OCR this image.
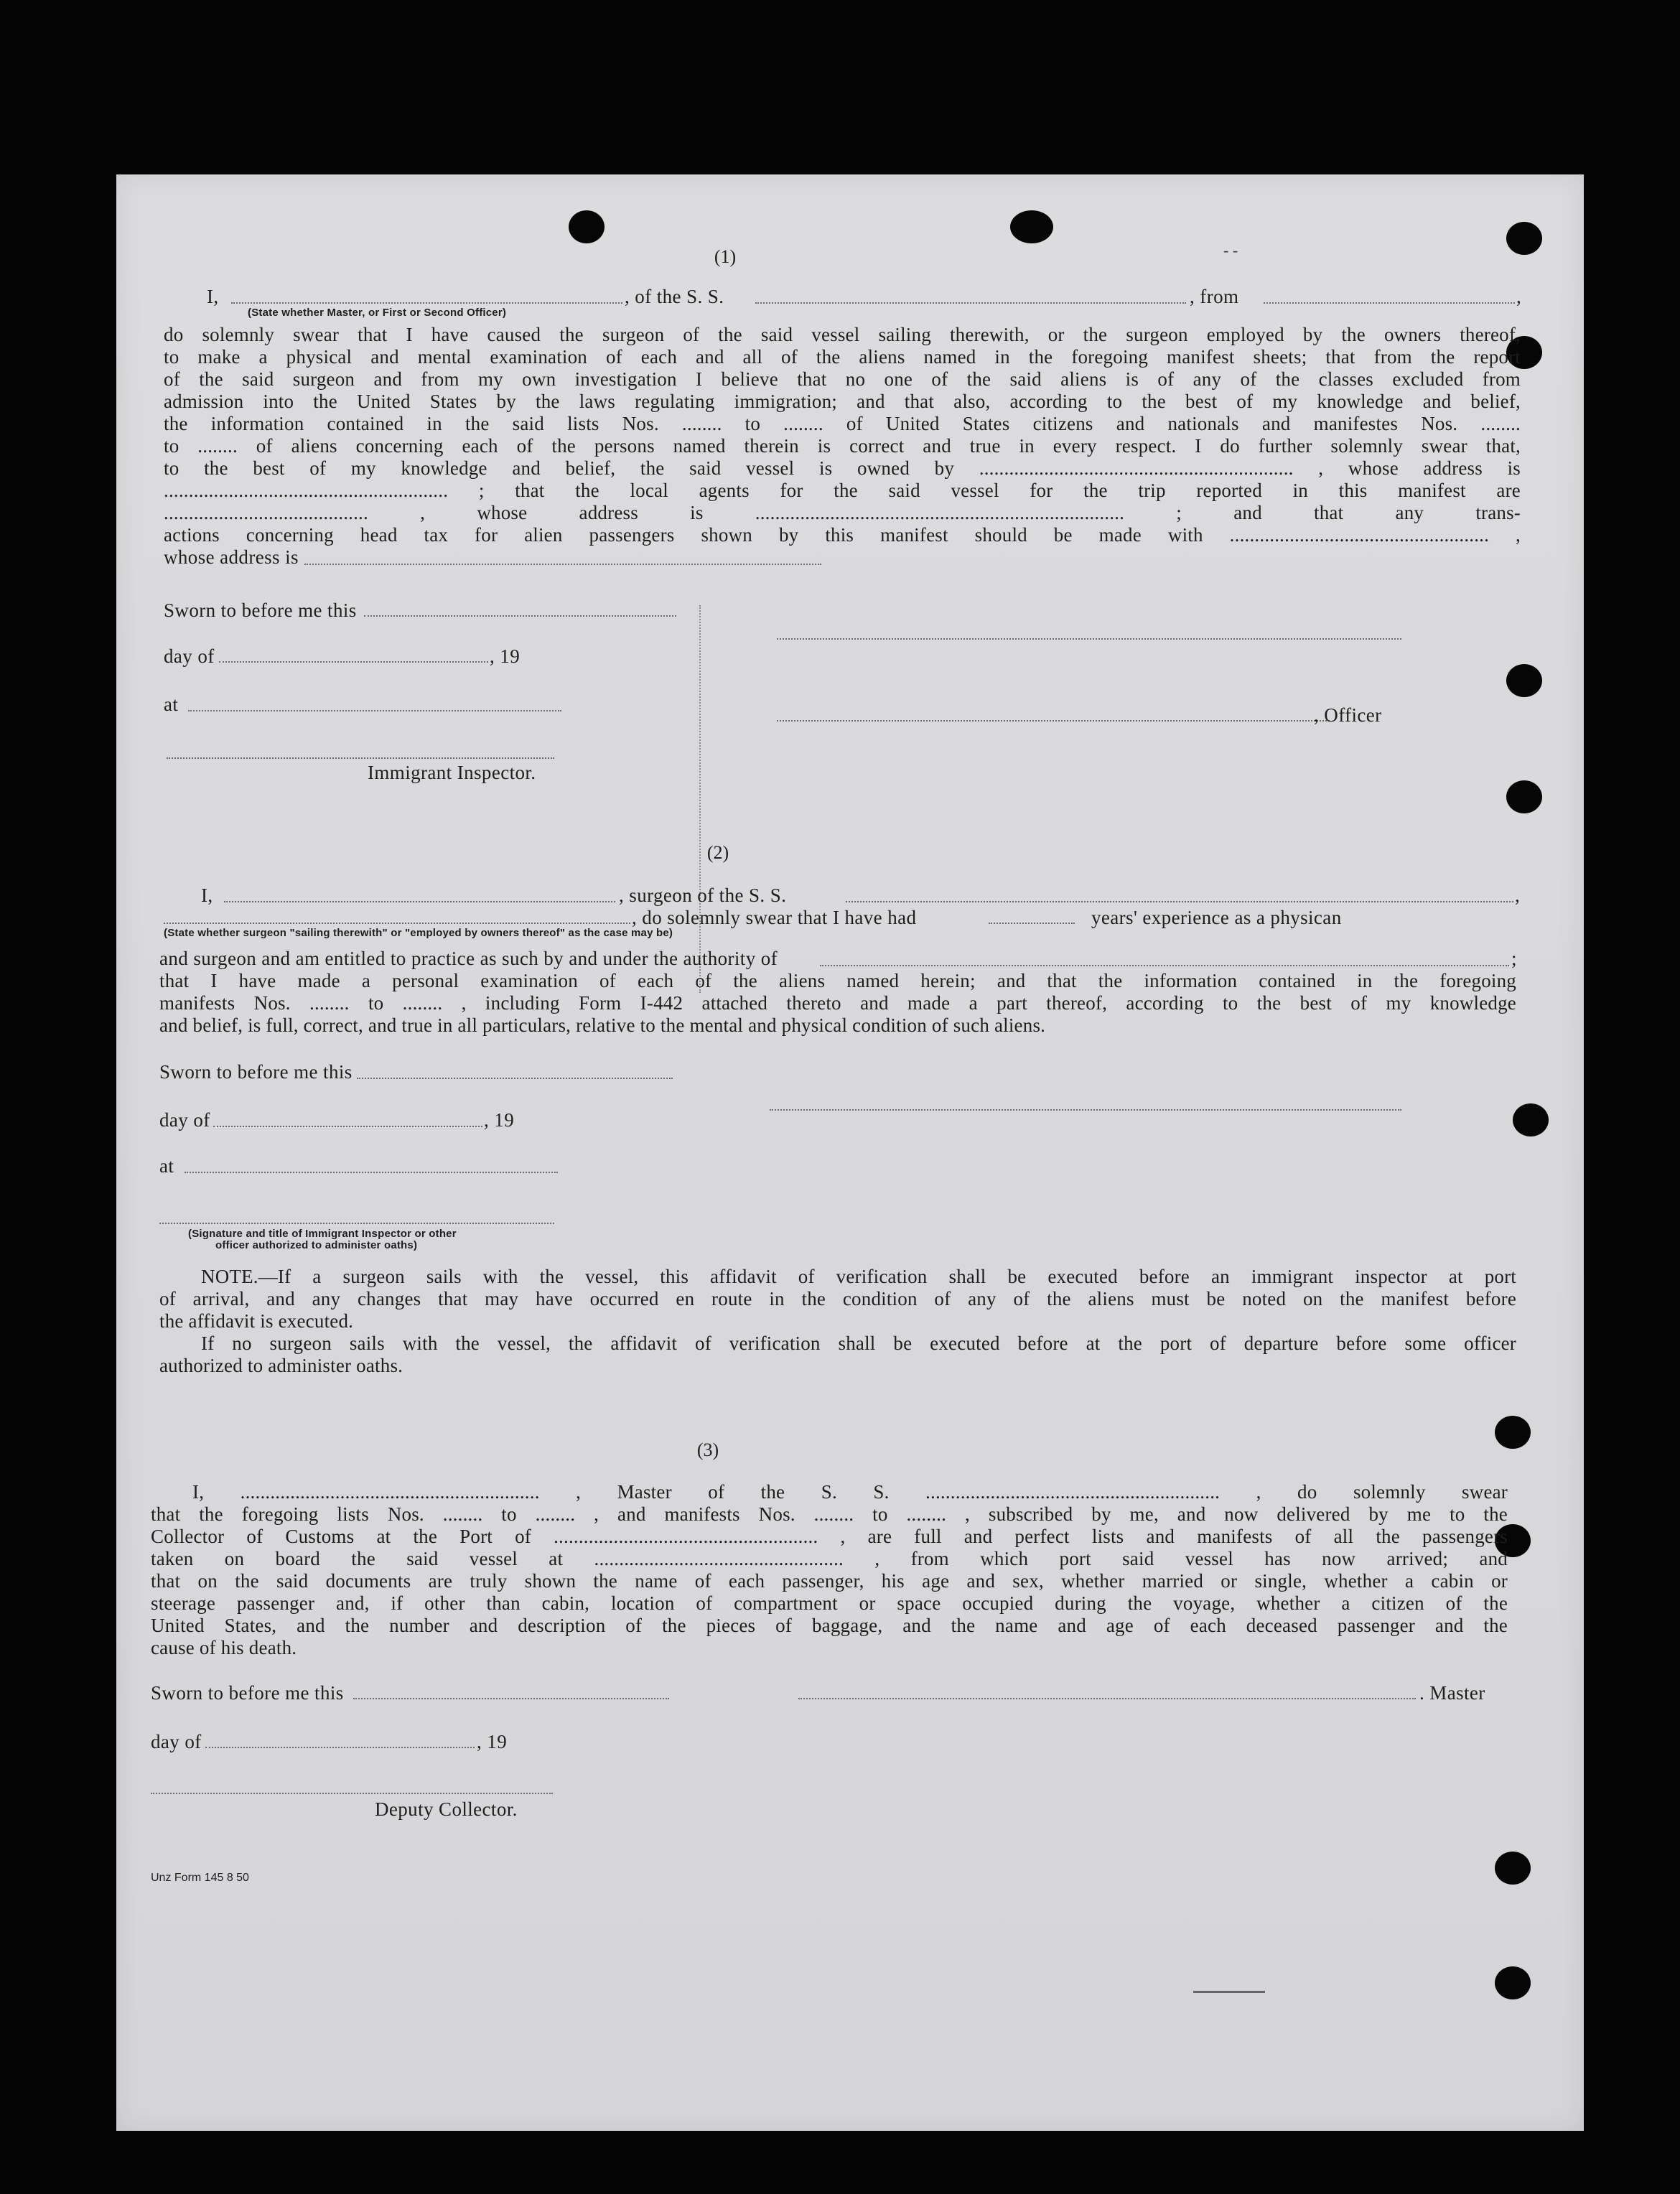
(1)
I,	, of the S. S.	, from	,
(State whether Master, or First or Second Officer)
do solemnly swear that I have caused the surgeon of the said vessel sailing therewith, or the surgeon employed by the owners thereof,
to make a physical and mental examination of each and all of the aliens named in the foregoing manifest sheets; that from the report
of the said surgeon and from my own investigation I believe that no one of the said aliens is of any of the classes excluded from
admission into the United States by the laws regulating immigration; and that also, according to the best of my knowledge and belief,
the information contained in the said lists Nos. ........ to ........ of United States citizens and nationals and manifestes Nos. ........
to ........ of aliens concerning each of the persons named therein is correct and true in every respect. I do further solemnly swear that,
to the best of my knowledge and belief, the said vessel is owned by ............................................................... , whose address is
......................................................... ; that the local agents for the said vessel for the trip reported in this manifest are
......................................... , whose address is .......................................................................... ; and that any trans-
actions concerning head tax for alien passengers shown by this manifest should be made with .................................................... ,
whose address is
Sworn to before me this
day of	, 19
at	, Officer
Immigrant Inspector.
(2)
I,	, surgeon of the S. S.	,
, do solemnly swear that I have had	years' experience as a physican
(State whether surgeon "sailing therewith" or "employed by owners thereof" as the case may be)
and surgeon and am entitled to practice as such by and under the authority of	;
that I have made a personal examination of each of the aliens named herein; and that the information contained in the foregoing
manifests Nos. ........ to ........ , including Form I-442 attached thereto and made a part thereof, according to the best of my knowledge
and belief, is full, correct, and true in all particulars, relative to the mental and physical condition of such aliens.
Sworn to before me this
day of	, 19
at
(Signature and title of Immigrant Inspector or other
officer authorized to administer oaths)
NOTE.—If a surgeon sails with the vessel, this affidavit of verification shall be executed before an immigrant inspector at port
of arrival, and any changes that may have occurred en route in the condition of any of the aliens must be noted on the manifest before
the affidavit is executed.
If no surgeon sails with the vessel, the affidavit of verification shall be executed before at the port of departure before some officer
authorized to administer oaths.
(3)
I, ............................................................ , Master of the S. S. ........................................................... , do solemnly swear
that the foregoing lists Nos. ........ to ........ , and manifests Nos. ........ to ........ , subscribed by me, and now delivered by me to the
Collector of Customs at the Port of ..................................................... , are full and perfect lists and manifests of all the passengers
taken on board the said vessel at .................................................. , from which port said vessel has now arrived; and
that on the said documents are truly shown the name of each passenger, his age and sex, whether married or single, whether a cabin or
steerage passenger and, if other than cabin, location of compartment or space occupied during the voyage, whether a citizen of the
United States, and the number and description of the pieces of baggage, and the name and age of each deceased passenger and the
cause of his death.
Sworn to before me this	. Master
day of	, 19
Deputy Collector.
Unz Form 145 8 50
- -
